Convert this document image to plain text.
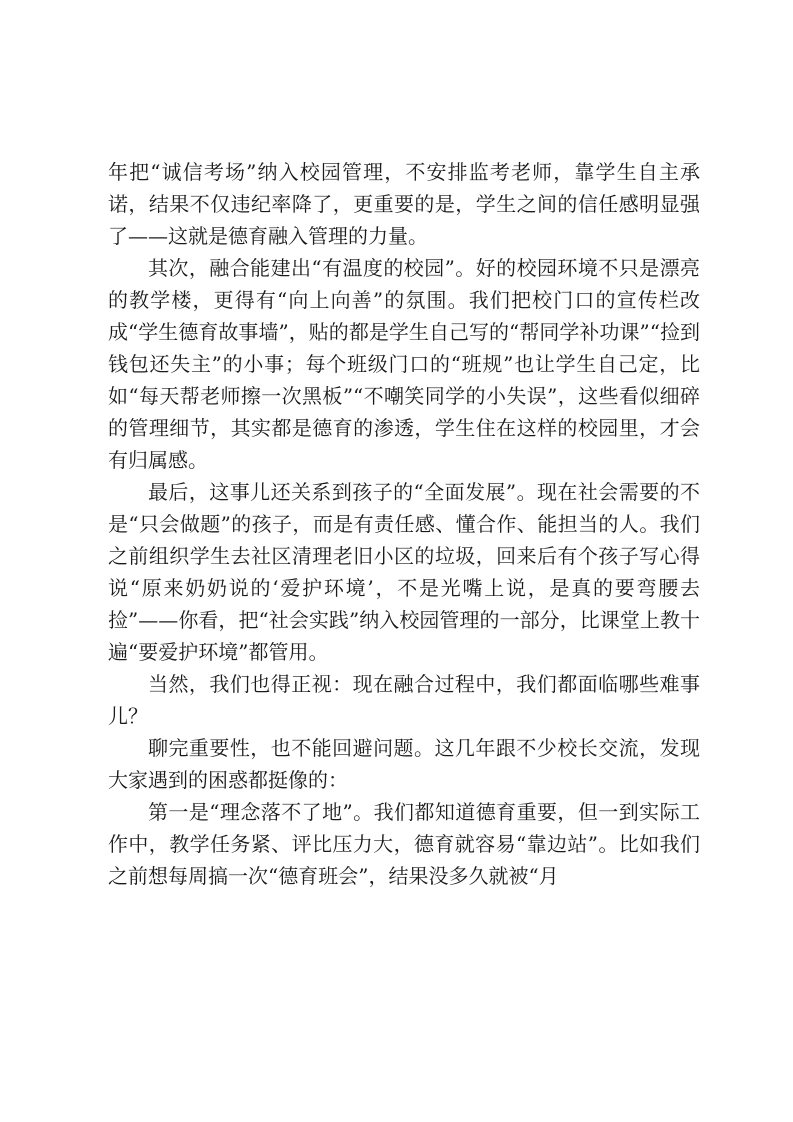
年把“诚信考场”纳入校园管理，不安排监考老师，靠学生自主承诺，结果不仅违纪率降了，更重要的是，学生之间的信任感明显强了——这就是德育融入管理的力量。

其次，融合能建出“有温度的校园”。好的校园环境不只是漂亮的教学楼，更得有“向上向善”的氛围。我们把校门口的宣传栏改成“学生德育故事墙”，贴的都是学生自己写的“帮同学补功课”“捡到钱包还失主”的小事；每个班级门口的“班规”也让学生自己定，比如“每天帮老师擦一次黑板”“不嘲笑同学的小失误”，这些看似细碎的管理细节，其实都是德育的渗透，学生住在这样的校园里，才会有归属感。

最后，这事儿还关系到孩子的“全面发展”。现在社会需要的不是“只会做题”的孩子，而是有责任感、懂合作、能担当的人。我们之前组织学生去社区清理老旧小区的垃圾，回来后有个孩子写心得说“原来奶奶说的‘爱护环境’，不是光嘴上说，是真的要弯腰去捡”——你看，把“社会实践”纳入校园管理的一部分，比课堂上教十遍“要爱护环境”都管用。

当然，我们也得正视：现在融合过程中，我们都面临哪些难事儿？

聊完重要性，也不能回避问题。这几年跟不少校长交流，发现大家遇到的困惑都挺像的：

第一是“理念落不了地”。我们都知道德育重要，但一到实际工作中，教学任务紧、评比压力大，德育就容易“靠边站”。比如我们之前想每周搞一次“德育班会”，结果没多久就被“月
